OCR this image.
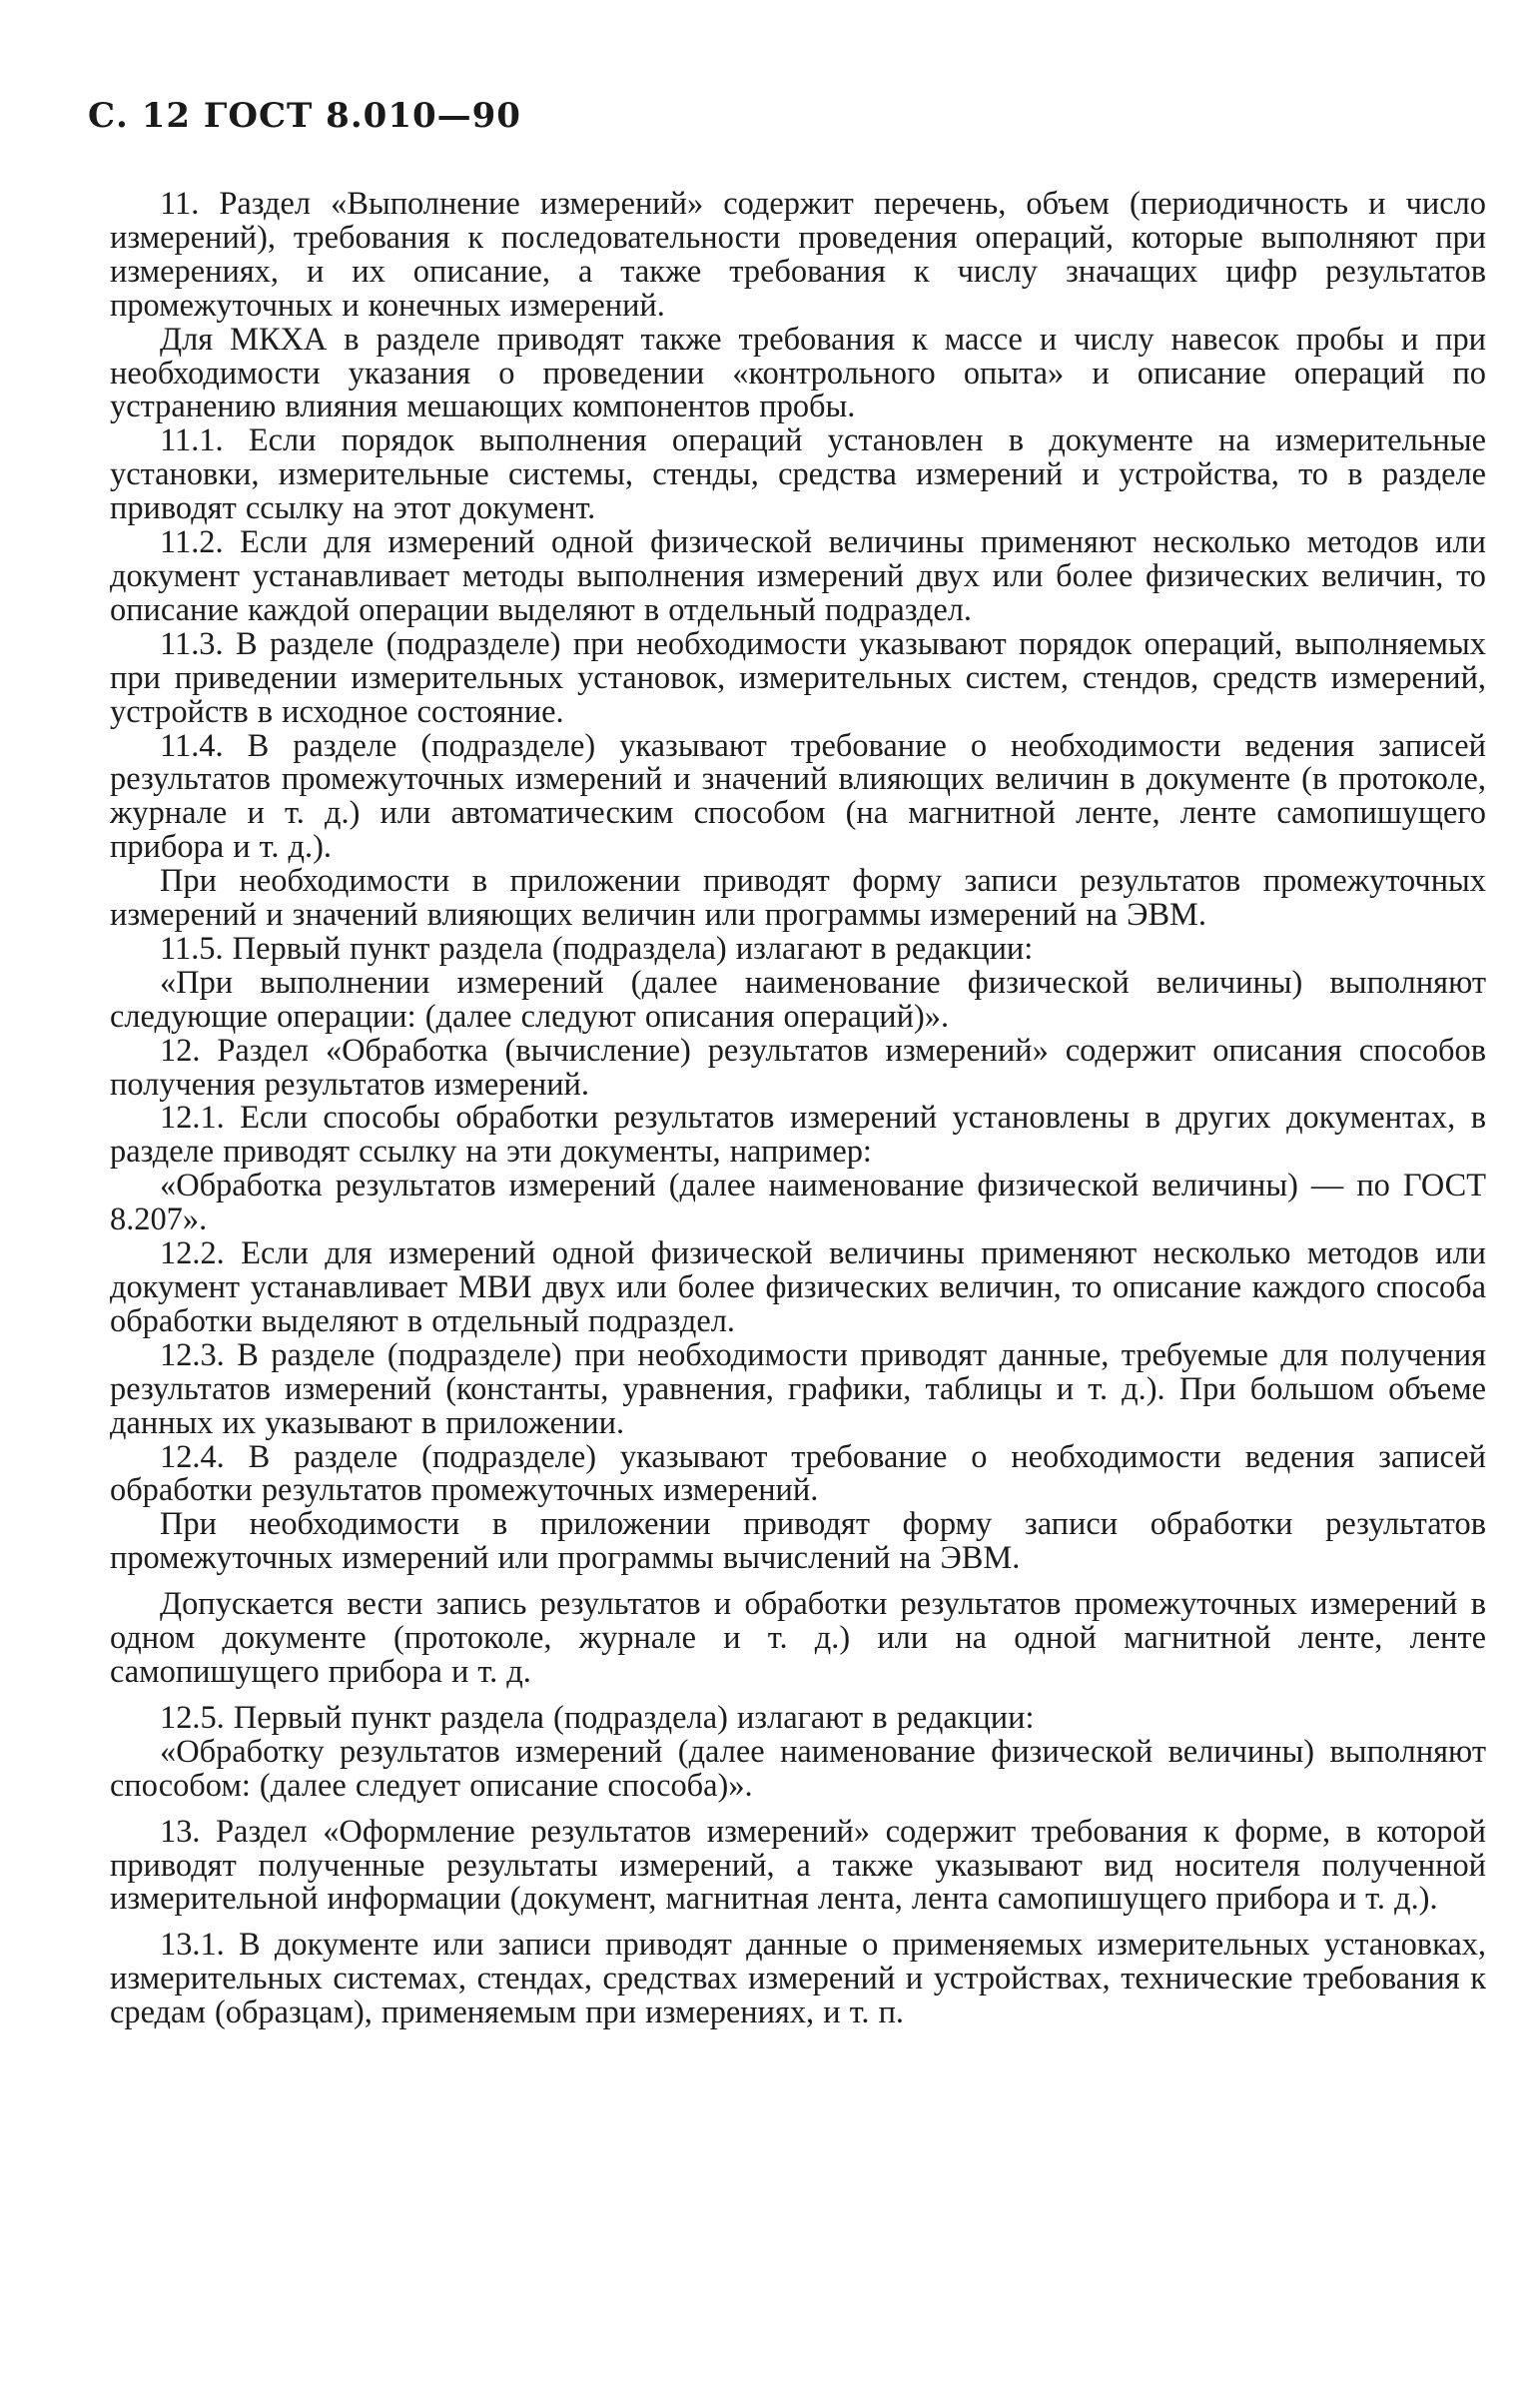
С. 12 ГОСТ 8.010—90

11. Раздел «Выполнение измерений» содержит перечень, объем (периодичность и число измерений), требования к последовательности проведения операций, которые выполняют при измерениях, и их описание, а также требования к числу значащих цифр результатов промежуточных и конечных измерений.

Для МКХА в разделе приводят также требования к массе и числу навесок пробы и при необходимости указания о проведении «контрольного опыта» и описание операций по устранению влияния мешающих компонентов пробы.

11.1. Если порядок выполнения операций установлен в документе на измерительные установки, измерительные системы, стенды, средства измерений и устройства, то в разделе приводят ссылку на этот документ.

11.2. Если для измерений одной физической величины применяют несколько методов или документ устанавливает методы выполнения измерений двух или более физических величин, то описание каждой операции выделяют в отдельный подраздел.

11.3. В разделе (подразделе) при необходимости указывают порядок операций, выполняемых при приведении измерительных установок, измерительных систем, стендов, средств измерений, устройств в исходное состояние.

11.4. В разделе (подразделе) указывают требование о необходимости ведения записей результатов промежуточных измерений и значений влияющих величин в документе (в протоколе, журнале и т. д.) или автоматическим способом (на магнитной ленте, ленте самопишущего прибора и т. д.).

При необходимости в приложении приводят форму записи результатов промежуточных измерений и значений влияющих величин или программы измерений на ЭВМ.

11.5. Первый пункт раздела (подраздела) излагают в редакции:

«При выполнении измерений (далее наименование физической величины) выполняют следующие операции: (далее следуют описания операций)».

12. Раздел «Обработка (вычисление) результатов измерений» содержит описания способов получения результатов измерений.

12.1. Если способы обработки результатов измерений установлены в других документах, в разделе приводят ссылку на эти документы, например:

«Обработка результатов измерений (далее наименование физической величины) — по ГОСТ 8.207».

12.2. Если для измерений одной физической величины применяют несколько методов или документ устанавливает МВИ двух или более физических величин, то описание каждого способа обработки выделяют в отдельный подраздел.

12.3. В разделе (подразделе) при необходимости приводят данные, требуемые для получения результатов измерений (константы, уравнения, графики, таблицы и т. д.). При большом объеме данных их указывают в приложении.

12.4. В разделе (подразделе) указывают требование о необходимости ведения записей обработки результатов промежуточных измерений.

При необходимости в приложении приводят форму записи обработки результатов промежуточных измерений или программы вычислений на ЭВМ.

Допускается вести запись результатов и обработки результатов промежуточных измерений в одном документе (протоколе, журнале и т. д.) или на одной магнитной ленте, ленте самопишущего прибора и т. д.

12.5. Первый пункт раздела (подраздела) излагают в редакции:

«Обработку результатов измерений (далее наименование физической величины) выполняют способом: (далее следует описание способа)».

13. Раздел «Оформление результатов измерений» содержит требования к форме, в которой приводят полученные результаты измерений, а также указывают вид носителя полученной измерительной информации (документ, магнитная лента, лента самопишущего прибора и т. д.).

13.1. В документе или записи приводят данные о применяемых измерительных установках, измерительных системах, стендах, средствах измерений и устройствах, технические требования к средам (образцам), применяемым при измерениях, и т. п.
